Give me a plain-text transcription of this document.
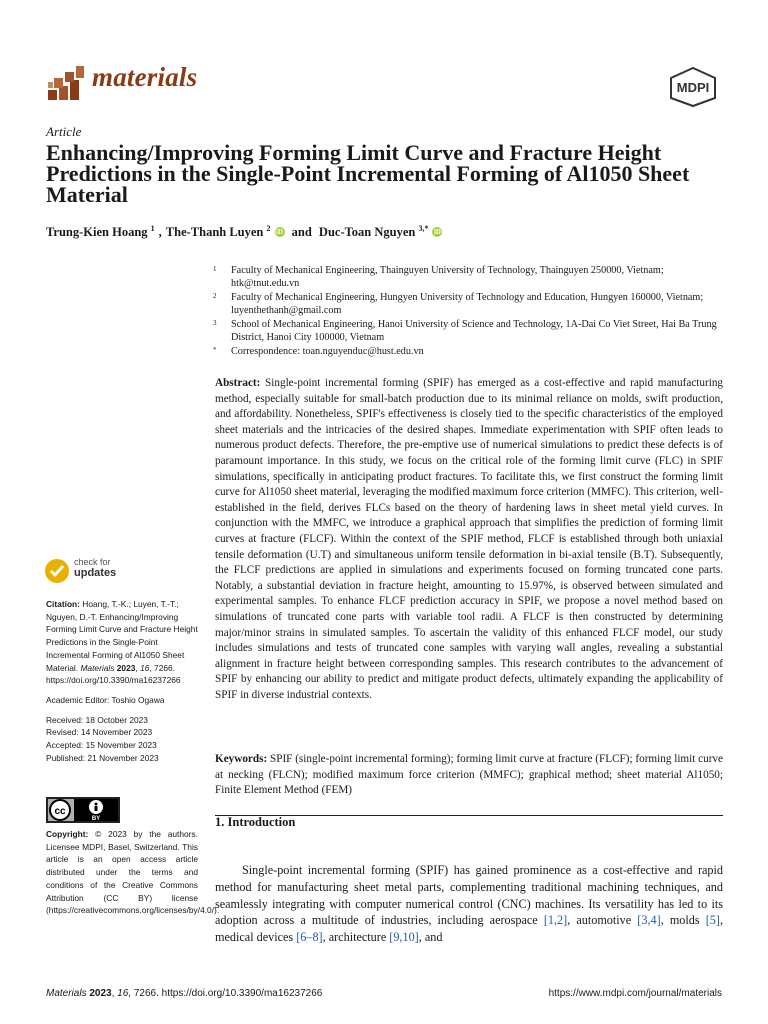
materials	MDPI
Article
Enhancing/Improving Forming Limit Curve and Fracture Height Predictions in the Single-Point Incremental Forming of Al1050 Sheet Material
Trung-Kien Hoang $^1$ , The-Thanh Luyen $^2$ iD and Duc-Toan Nguyen $^{3,*}$ iD
1	Faculty of Mechanical Engineering, Thainguyen University of Technology, Thainguyen 250000, Vietnam; htk@tnut.edu.vn
2	Faculty of Mechanical Engineering, Hungyen University of Technology and Education, Hungyen 160000, Vietnam; luyenthethanh@gmail.com
3	School of Mechanical Engineering, Hanoi University of Science and Technology, 1A-Dai Co Viet Street, Hai Ba Trung District, Hanoi City 100000, Vietnam
*	Correspondence: toan.nguyenduc@hust.edu.vn
Abstract: Single-point incremental forming (SPIF) has emerged as a cost-effective and rapid manufacturing method, especially suitable for small-batch production due to its minimal reliance on molds, swift production, and affordability. Nonetheless, SPIF's effectiveness is closely tied to the specific characteristics of the employed sheet materials and the intricacies of the desired shapes. Immediate experimentation with SPIF often leads to numerous product defects. Therefore, the pre-emptive use of numerical simulations to predict these defects is of paramount importance. In this study, we focus on the critical role of the forming limit curve (FLC) in SPIF simulations, specifically in anticipating product fractures. To facilitate this, we first construct the forming limit curve for Al1050 sheet material, leveraging the modified maximum force criterion (MMFC). This criterion, well-established in the field, derives FLCs based on the theory of hardening laws in sheet metal yield curves. In conjunction with the MMFC, we introduce a graphical approach that simplifies the prediction of forming limit curves at fracture (FLCF). Within the context of the SPIF method, FLCF is established through both uniaxial tensile deformation (U.T) and simultaneous uniform tensile deformation in bi-axial tensile (B.T). Subsequently, the FLCF predictions are applied in simulations and experiments focused on forming truncated cone parts. Notably, a substantial deviation in fracture height, amounting to 15.97%, is observed between simulated and experimental samples. To enhance FLCF prediction accuracy in SPIF, we propose a novel method based on simulations of truncated cone parts with variable tool radii. A FLCF is then constructed by determining major/minor strains in simulated samples. To ascertain the validity of this enhanced FLCF model, our study includes simulations and tests of truncated cone samples with varying wall angles, revealing a substantial alignment in fracture height between corresponding samples. This research contributes to the advancement of SPIF by enhancing our ability to predict and mitigate product defects, ultimately expanding the applicability of SPIF in diverse industrial contexts.
Keywords: SPIF (single-point incremental forming); forming limit curve at fracture (FLCF); forming limit curve at necking (FLCN); modified maximum force criterion (MMFC); graphical method; sheet material Al1050; Finite Element Method (FEM)
1. Introduction

Single-point incremental forming (SPIF) has gained prominence as a cost-effective and rapid method for manufacturing sheet metal parts, complementing traditional machining techniques, and seamlessly integrating with computer numerical control (CNC) machines. Its versatility has led to its adoption across a multitude of industries, including aerospace [1,2], automotive [3,4], molds [5], medical devices [6–8], architecture [9,10], and

check for
updates

Citation: Hoang, T.-K.; Luyen, T.-T.; Nguyen, D.-T. Enhancing/Improving Forming Limit Curve and Fracture Height Predictions in the Single-Point Incremental Forming of Al1050 Sheet Material. Materials 2023, 16, 7266. https://doi.org/10.3390/ma16237266

Academic Editor: Toshio Ogawa

Received: 18 October 2023
Revised: 14 November 2023
Accepted: 15 November 2023
Published: 21 November 2023
cc
BY
Copyright: © 2023 by the authors. Licensee MDPI, Basel, Switzerland. This article is an open access article distributed under the terms and conditions of the Creative Commons Attribution (CC BY) license (https://creativecommons.org/licenses/by/4.0/).
Materials 2023, 16, 7266. https://doi.org/10.3390/ma16237266	https://www.mdpi.com/journal/materials
